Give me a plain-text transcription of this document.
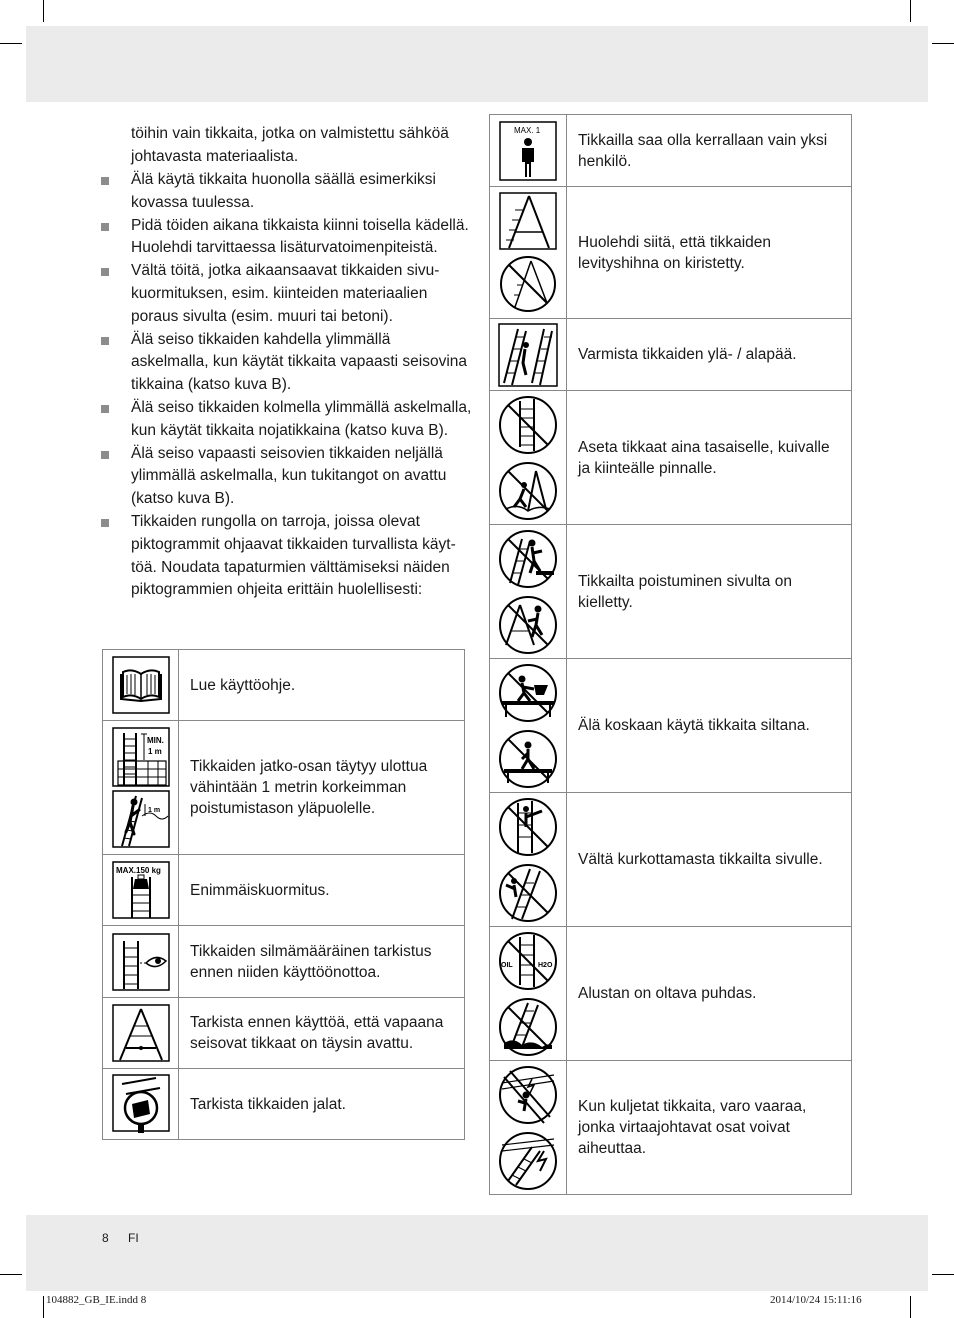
töihin vain tikkaita, jotka on valmistettu sähköä johtavasta materiaalista.
Älä käytä tikkaita huonolla säällä esimerkiksi kovassa tuulessa.
Pidä töiden aikana tikkaista kiinni toisella kädellä. Huolehdi tarvittaessa lisäturvatoimenpiteistä.
Vältä töitä, jotka aikaansaavat tikkaiden sivu-kuormituksen, esim. kiinteiden materiaalien poraus sivulta (esim. muuri tai betoni).
Älä seiso tikkaiden kahdella ylimmällä askelmalla, kun käytät tikkaita vapaasti seisovina tikkaina (katso kuva B).
Älä seiso tikkaiden kolmella ylimmällä askelmalla, kun käytät tikkaita nojatikkaina (katso kuva B).
Älä seiso vapaasti seisovien tikkaiden neljällä ylimmällä askelmalla, kun tukitangot on avattu (katso kuva B).
Tikkaiden rungolla on tarroja, joissa olevat piktogrammit ohjaavat tikkaiden turvallista käyt-töä. Noudata tapaturmien välttämiseksi näiden piktogrammien ohjeita erittäin huolellisesti:
	Lue käyttöohje.

MIN.
1 m
1 m	Tikkaiden jatko-osan täytyy ulottua vähintään 1 metrin korkeimman poistumistason yläpuolelle.

MAX.150 kg	Enimmäiskuormitus.

	Tikkaiden silmämääräinen tarkistus ennen niiden käyttöönottoa.

	Tarkista ennen käyttöä, että vapaana seisovat tikkaat on täysin avattu.

	Tarkista tikkaiden jalat.
MAX. 1	Tikkailla saa olla kerrallaan vain yksi henkilö.

	Huolehdi siitä, että tikkaiden levityshihna on kiristetty.

	Varmista tikkaiden ylä- / alapää.

	Aseta tikkaat aina tasaiselle, kuivalle ja kiinteälle pinnalle.

	Tikkailta poistuminen sivulta on kielletty.

	Älä koskaan käytä tikkaita siltana.

	Vältä kurkottamasta tikkailta sivulle.

OIL H2O	Alustan on oltava puhdas.

	Kun kuljetat tikkaita, varo vaaraa, jonka virtaajohtavat osat voivat aiheuttaa.
8 FI
104882_GB_IE.indd 8	2014/10/24 15:11:16
